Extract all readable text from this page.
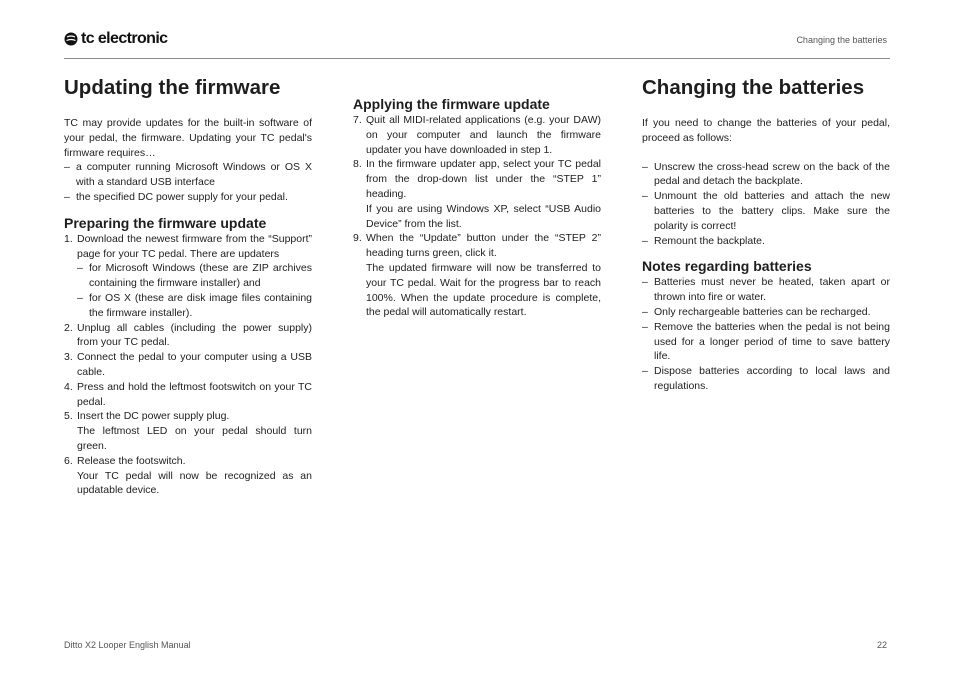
tc electronic	Changing the batteries
Updating the firmware

TC may provide updates for the built-in software of your pedal, the firmware. Updating your TC pedal's firmware requires…

– a computer running Microsoft Windows or OS X with a standard USB interface
– the specified DC power supply for your pedal.
Preparing the firmware update
1. Download the newest firmware from the “Support” page for your TC pedal. There are updaters
– for Microsoft Windows (these are ZIP archives containing the firmware installer) and
– for OS X (these are disk image files containing the firmware installer).
2. Unplug all cables (including the power supply) from your TC pedal.
3. Connect the pedal to your computer using a USB cable.
4. Press and hold the leftmost footswitch on your TC pedal.
5. Insert the DC power supply plug.
The leftmost LED on your pedal should turn green.
6. Release the footswitch.
Your TC pedal will now be recognized as an updatable device.
Applying the firmware update
7. Quit all MIDI-related applications (e.g. your DAW) on your computer and launch the firmware updater you have downloaded in step 1.
8. In the firmware updater app, select your TC pedal from the drop-down list under the “STEP 1” heading.
If you are using Windows XP, select “USB Audio Device” from the list.
9. When the “Update” button under the “STEP 2” heading turns green, click it.
The updated firmware will now be transferred to your TC pedal. Wait for the progress bar to reach 100%. When the update procedure is complete, the pedal will automatically restart.
Changing the batteries

If you need to change the batteries of your pedal, proceed as follows:

– Unscrew the cross-head screw on the back of the pedal and detach the backplate.
– Unmount the old batteries and attach the new batteries to the battery clips. Make sure the polarity is correct!
– Remount the backplate.
Notes regarding batteries
– Batteries must never be heated, taken apart or thrown into fire or water.
– Only rechargeable batteries can be recharged.
– Remove the batteries when the pedal is not being used for a longer period of time to save battery life.
– Dispose batteries according to local laws and regulations.
Ditto X2 Looper English Manual	22
